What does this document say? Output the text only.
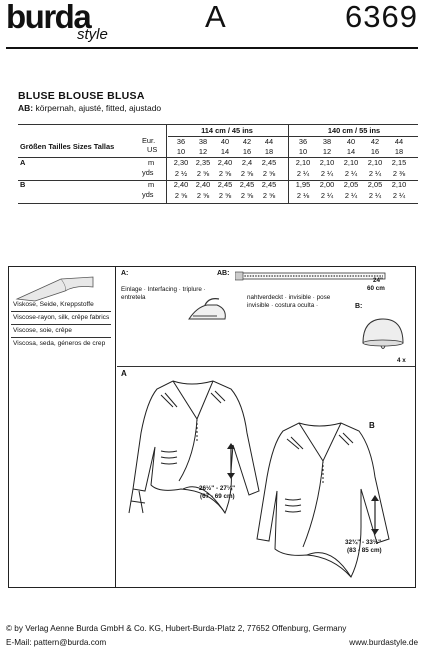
burda
style
A	6369
BLUSE BLOUSE BLUSA
AB: körpernah, ajusté, fitted, ajustado
114 cm / 45 ins	140 cm / 55 ins
Größen Tailles Sizes Tallas
Eur.	36	38	40	42	44	36	38	40	42	44
US	10	12	14	16	18	10	12	14	16	18
A	m	2,30	2,35	2,40	2,4	2,45	2,10	2,10	2,10	2,10	2,15
yds	2 ½	2 ⅝	2 ⅝	2 ⅝	2 ⅝	2 ¼	2 ¼	2 ¼	2 ¼	2 ⅜
B	m	2,40	2,40	2,45	2,45	2,45	1,95	2,00	2,05	2,05	2,10
yds	2 ⅝	2 ⅝	2 ⅝	2 ⅝	2 ⅝	2 ⅛	2 ¼	2 ¼	2 ¼	2 ¼
Viskose, Seide, Kreppstoffe
Viscose-rayon, silk, crêpe fabrics
Viscose, soie, crêpe
Viscosa, seda, géneros de crep
A:
Einlage · Interfacing · triplure · entretela
AB:
24"
60 cm
nahtverdeckt · invisible · pose invisible · costura oculta ·	B:
4 x
A
B
26½" - 27¼"
(67 - 69 cm)
32¾" - 33½"
(83 - 85 cm)
© by Verlag Aenne Burda GmbH & Co. KG, Hubert-Burda-Platz 2, 77652 Offenburg, Germany
E-Mail: pattern@burda.com	www.burdastyle.de
